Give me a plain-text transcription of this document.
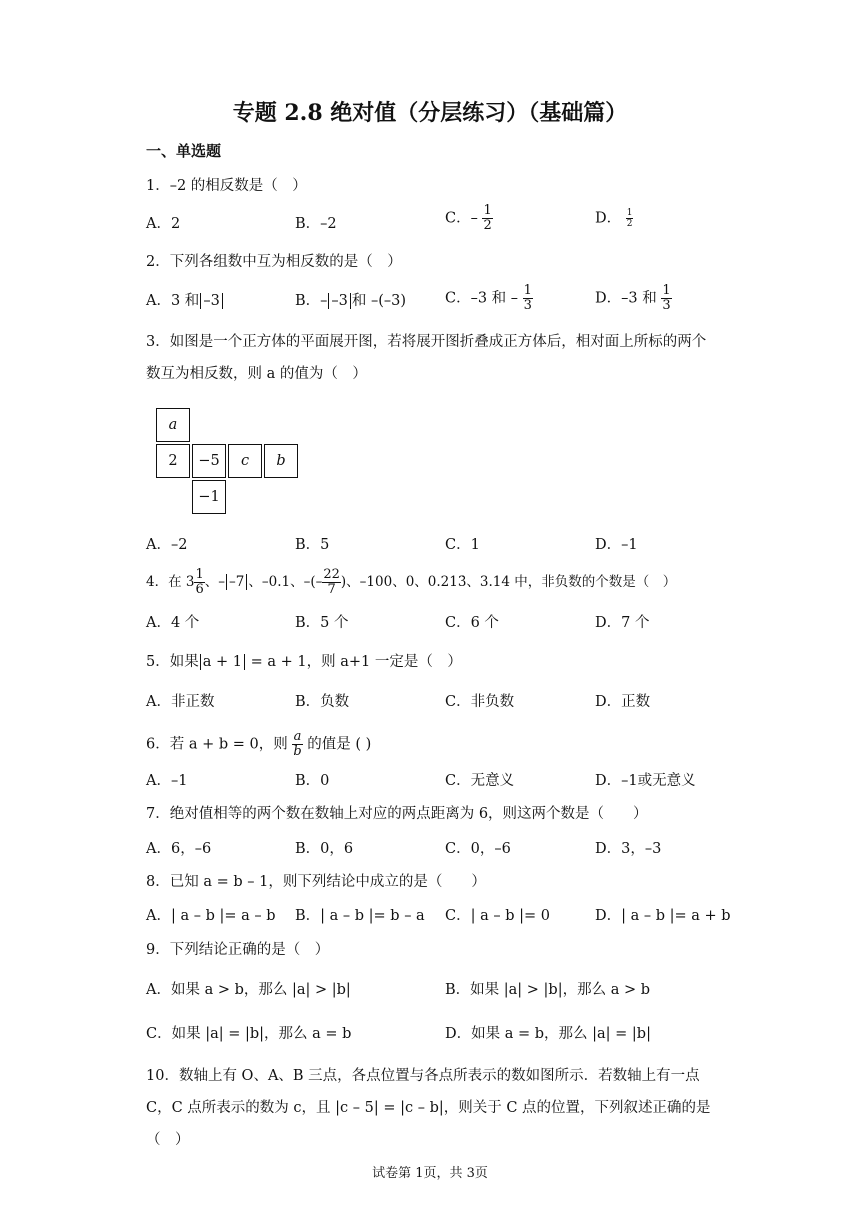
专题 2.8 绝对值（分层练习）（基础篇）
一、单选题
1．–2 的相反数是（　）
A．2	B．–2	C．– $\frac{1}{2}$	D． $\frac{1}{2}$
2．下列各组数中互为相反数的是（　）
A．3 和 –3	B．– –3 和 –(–3)	C．–3 和 – $\frac{1}{3}$	D．–3 和 $\frac{1}{3}$
3．如图是一个正方体的平面展开图，若将展开图折叠成正方体后，相对面上所标的两个数互为相反数，则 a 的值为（　）
a
2	−5	c	b
−1
A．–2	B．5	C．1	D．–1
4．在 $3 \frac{1}{6}$ 、– –7 、–0.1、–(– $\frac{22}{7}$ )、–100、0、0.213̇、3.14 中，非负数的个数是（　）
A．4 个	B．5 个	C．6 个	D．7 个
5．如果 a + 1 = a + 1，则 a+1 一定是（　）
A．非正数	B．负数	C．非负数	D．正数
6．若 a + b = 0，则 $\frac{a}{b}$ 的值是 ( )
A．–1	B．0	C．无意义	D．–1或无意义
7．绝对值相等的两个数在数轴上对应的两点距离为 6，则这两个数是（　　）
A．6，–6	B．0，6	C．0，–6	D．3，–3
8．已知 a = b – 1，则下列结论中成立的是（　　）
A．| a – b |= a – b B．| a – b |= b – a C．| a – b |= 0	D．| a – b |= a + b
9．下列结论正确的是（　）
A．如果 a > b，那么 |a| > |b|	B．如果 |a| > |b|，那么 a > b
C．如果 |a| = |b|，那么 a = b	D．如果 a = b，那么 |a| = |b|
10．数轴上有 O、A、B 三点，各点位置与各点所表示的数如图所示．若数轴上有一点 C，C 点所表示的数为 c，且 |c – 5| = |c – b|，则关于 C 点的位置，下列叙述正确的是（　）
试卷第 1页，共 3页
